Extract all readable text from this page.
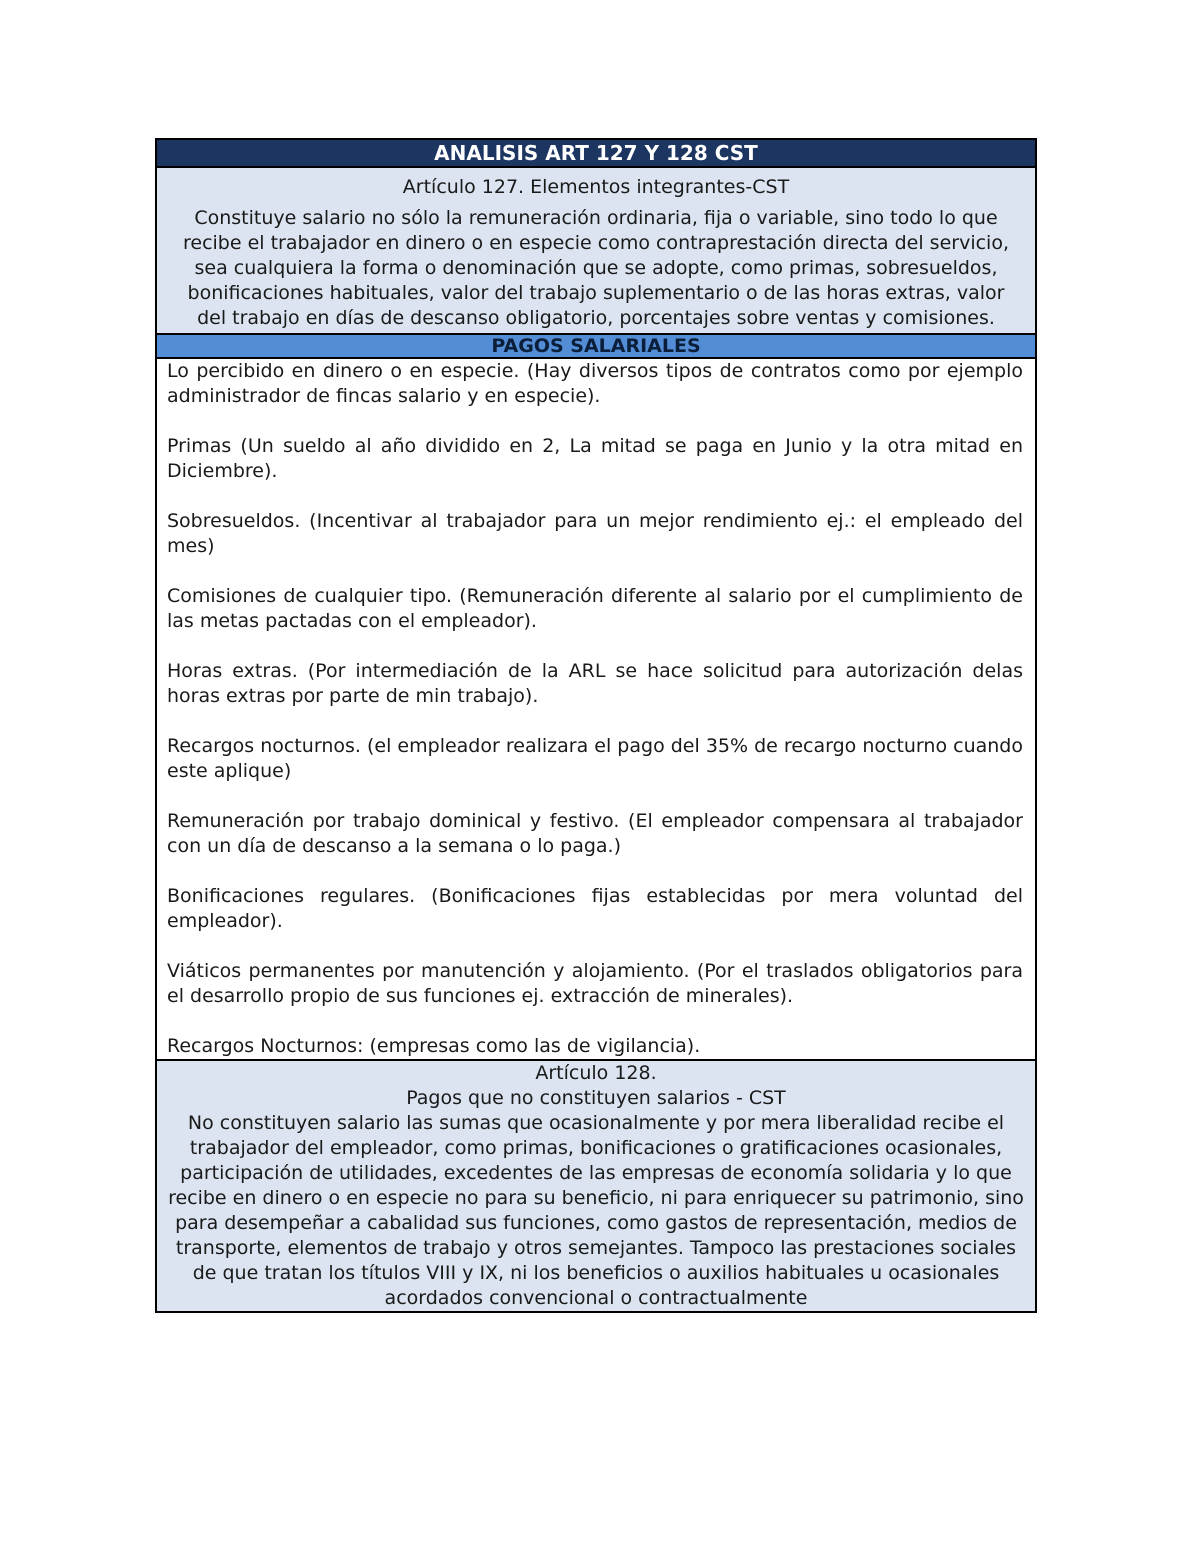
ANALISIS ART 127 Y 128 CST

Artículo 127. Elementos integrantes-CST
Constituye salario no sólo la remuneración ordinaria, fija o variable, sino todo lo que recibe el trabajador en dinero o en especie como contraprestación directa del servicio, sea cualquiera la forma o denominación que se adopte, como primas, sobresueldos, bonificaciones habituales, valor del trabajo suplementario o de las horas extras, valor del trabajo en días de descanso obligatorio, porcentajes sobre ventas y comisiones.

PAGOS SALARIALES

Lo percibido en dinero o en especie. (Hay diversos tipos de contratos como por ejemplo administrador de fincas salario y en especie).

Primas (Un sueldo al año dividido en 2, La mitad se paga en Junio y la otra mitad en Diciembre).

Sobresueldos. (Incentivar al trabajador para un mejor rendimiento ej.: el empleado del mes)

Comisiones de cualquier tipo. (Remuneración diferente al salario por el cumplimiento de las metas pactadas con el empleador).

Horas extras. (Por intermediación de la ARL se hace solicitud para autorización delas horas extras por parte de min trabajo).

Recargos nocturnos. (el empleador realizara el pago del 35% de recargo nocturno cuando este aplique)

Remuneración por trabajo dominical y festivo. (El empleador compensara al trabajador con un día de descanso a la semana o lo paga.)

Bonificaciones regulares. (Bonificaciones fijas establecidas por mera voluntad del empleador).

Viáticos permanentes por manutención y alojamiento. (Por el traslados obligatorios para el desarrollo propio de sus funciones ej. extracción de minerales).

Recargos Nocturnos: (empresas como las de vigilancia).

Artículo 128.
Pagos que no constituyen salarios - CST
No constituyen salario las sumas que ocasionalmente y por mera liberalidad recibe el trabajador del empleador, como primas, bonificaciones o gratificaciones ocasionales, participación de utilidades, excedentes de las empresas de economía solidaria y lo que recibe en dinero o en especie no para su beneficio, ni para enriquecer su patrimonio, sino para desempeñar a cabalidad sus funciones, como gastos de representación, medios de transporte, elementos de trabajo y otros semejantes. Tampoco las prestaciones sociales de que tratan los títulos VIII y IX, ni los beneficios o auxilios habituales u ocasionales acordados convencional o contractualmente
